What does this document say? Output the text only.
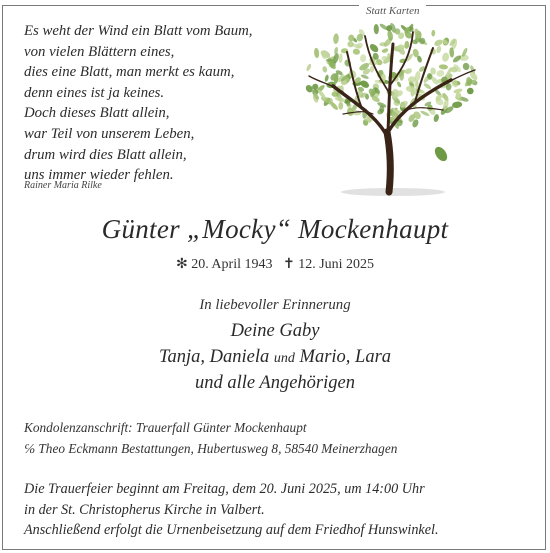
Statt Karten
Es weht der Wind ein Blatt vom Baum,
von vielen Blättern eines,
dies eine Blatt, man merkt es kaum,
denn eines ist ja keines.
Doch dieses Blatt allein,
war Teil von unserem Leben,
drum wird dies Blatt allein,
uns immer wieder fehlen.
Rainer Maria Rilke
Günter „Mocky“ Mockenhaupt
✻ 20. April 1943 ✝ 12. Juni 2025
In liebevoller Erinnerung
Deine Gaby
Tanja, Daniela und Mario, Lara
und alle Angehörigen
Kondolenzanschrift: Trauerfall Günter Mockenhaupt
℅ Theo Eckmann Bestattungen, Hubertusweg 8, 58540 Meinerzhagen
Die Trauerfeier beginnt am Freitag, dem 20. Juni 2025, um 14:00 Uhr
in der St. Christopherus Kirche in Valbert.
Anschließend erfolgt die Urnenbeisetzung auf dem Friedhof Hunswinkel.
